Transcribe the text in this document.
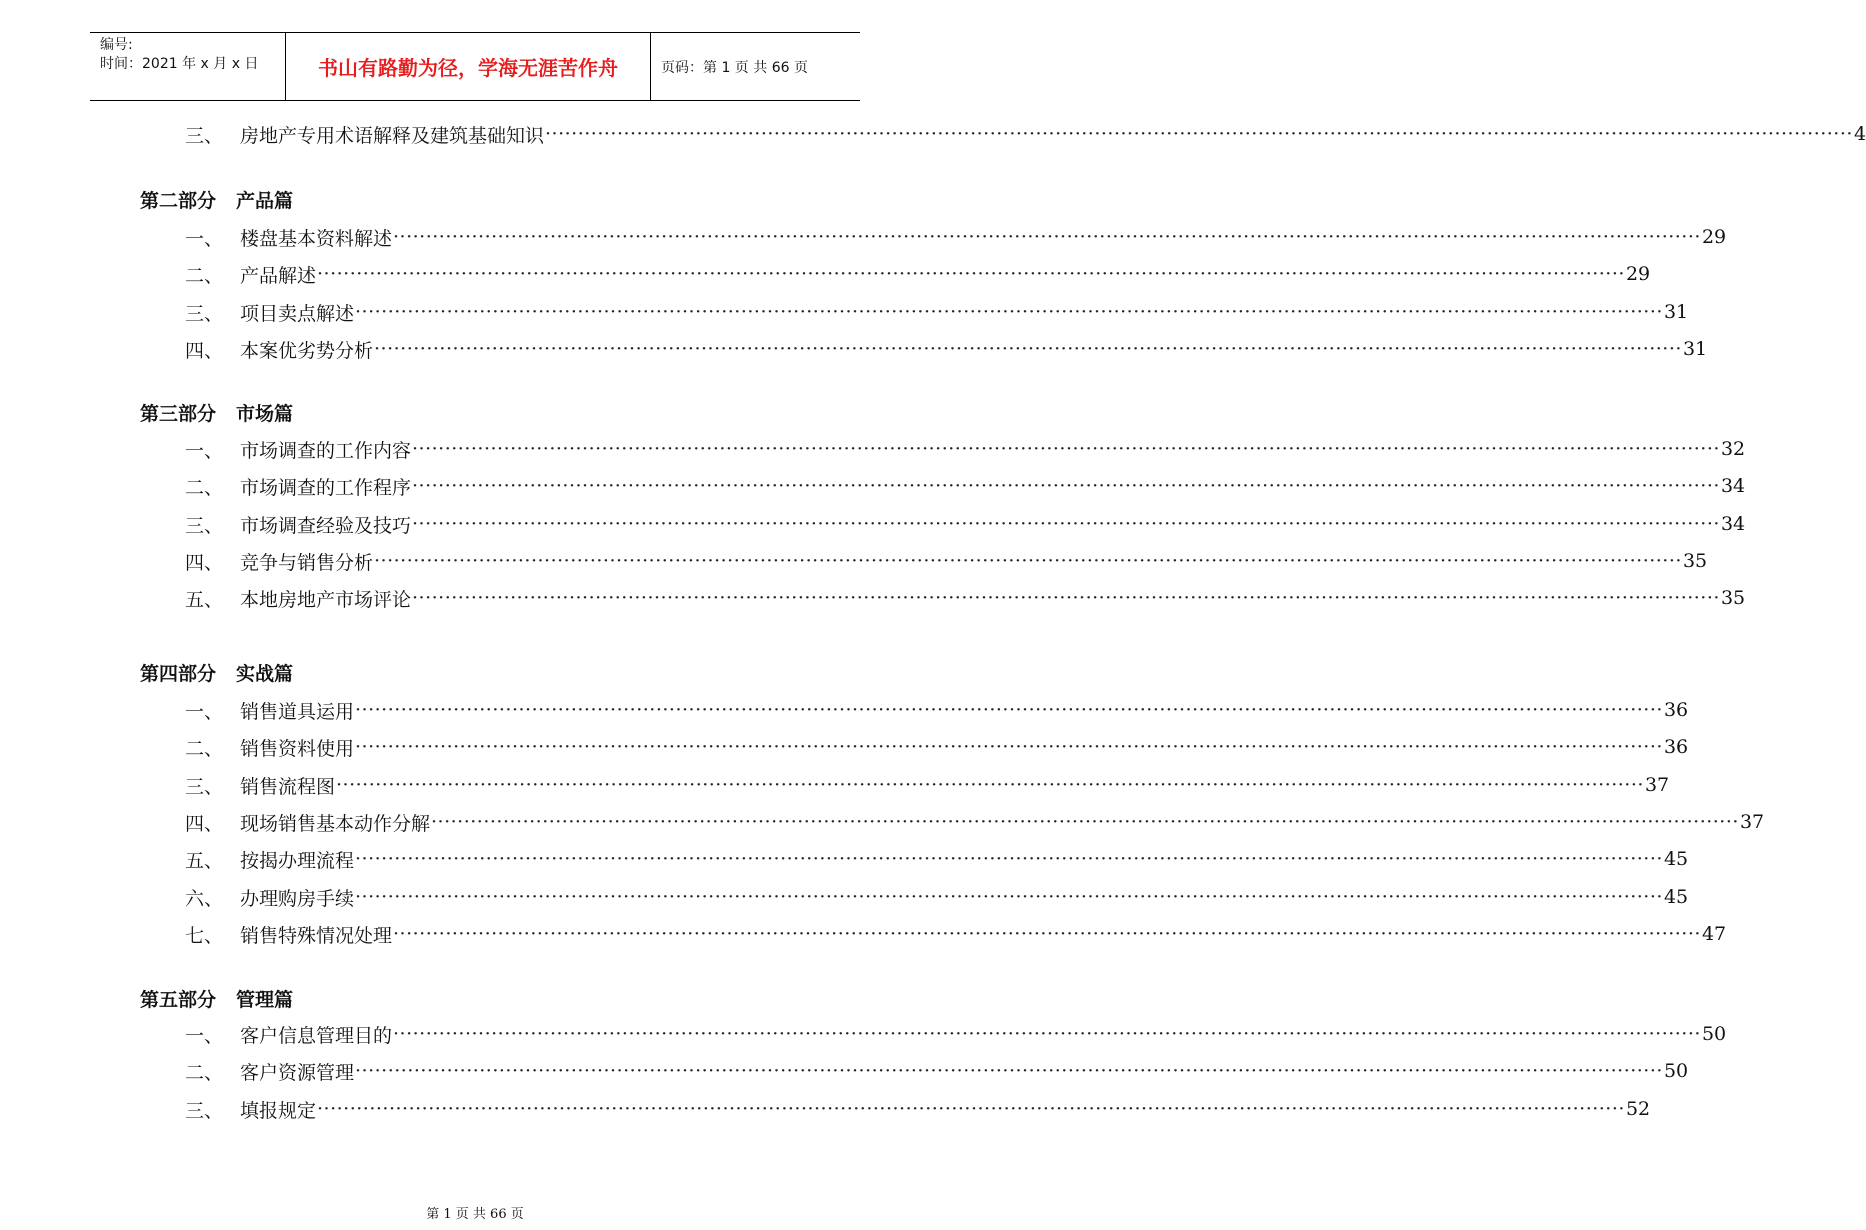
编号:
时间：2021 年 x 月 x 日	书山有路勤为径，学海无涯苦作舟	页码：第 1 页 共 66 页
三、 房地产专用术语解释及建筑基础知识 ········································································································································································································ 4
第二部分 产品篇
一、 楼盘基本资料解述 ········································································································································································································ 29
二、 产品解述 ········································································································································································································ 29
三、 项目卖点解述 ········································································································································································································ 31
四、 本案优劣势分析 ········································································································································································································ 31
第三部分 市场篇
一、 市场调查的工作内容 ········································································································································································································ 32
二、 市场调查的工作程序 ········································································································································································································ 34
三、 市场调查经验及技巧 ········································································································································································································ 34
四、 竞争与销售分析 ········································································································································································································ 35
五、 本地房地产市场评论 ········································································································································································································ 35
第四部分 实战篇
一、 销售道具运用 ········································································································································································································ 36
二、 销售资料使用 ········································································································································································································ 36
三、 销售流程图 ········································································································································································································ 37
四、 现场销售基本动作分解 ········································································································································································································ 37
五、 按揭办理流程 ········································································································································································································ 45
六、 办理购房手续 ········································································································································································································ 45
七、 销售特殊情况处理 ········································································································································································································ 47
第五部分 管理篇
一、 客户信息管理目的 ········································································································································································································ 50
二、 客户资源管理 ········································································································································································································ 50
三、 填报规定 ········································································································································································································ 52
第 1 页 共 66 页
